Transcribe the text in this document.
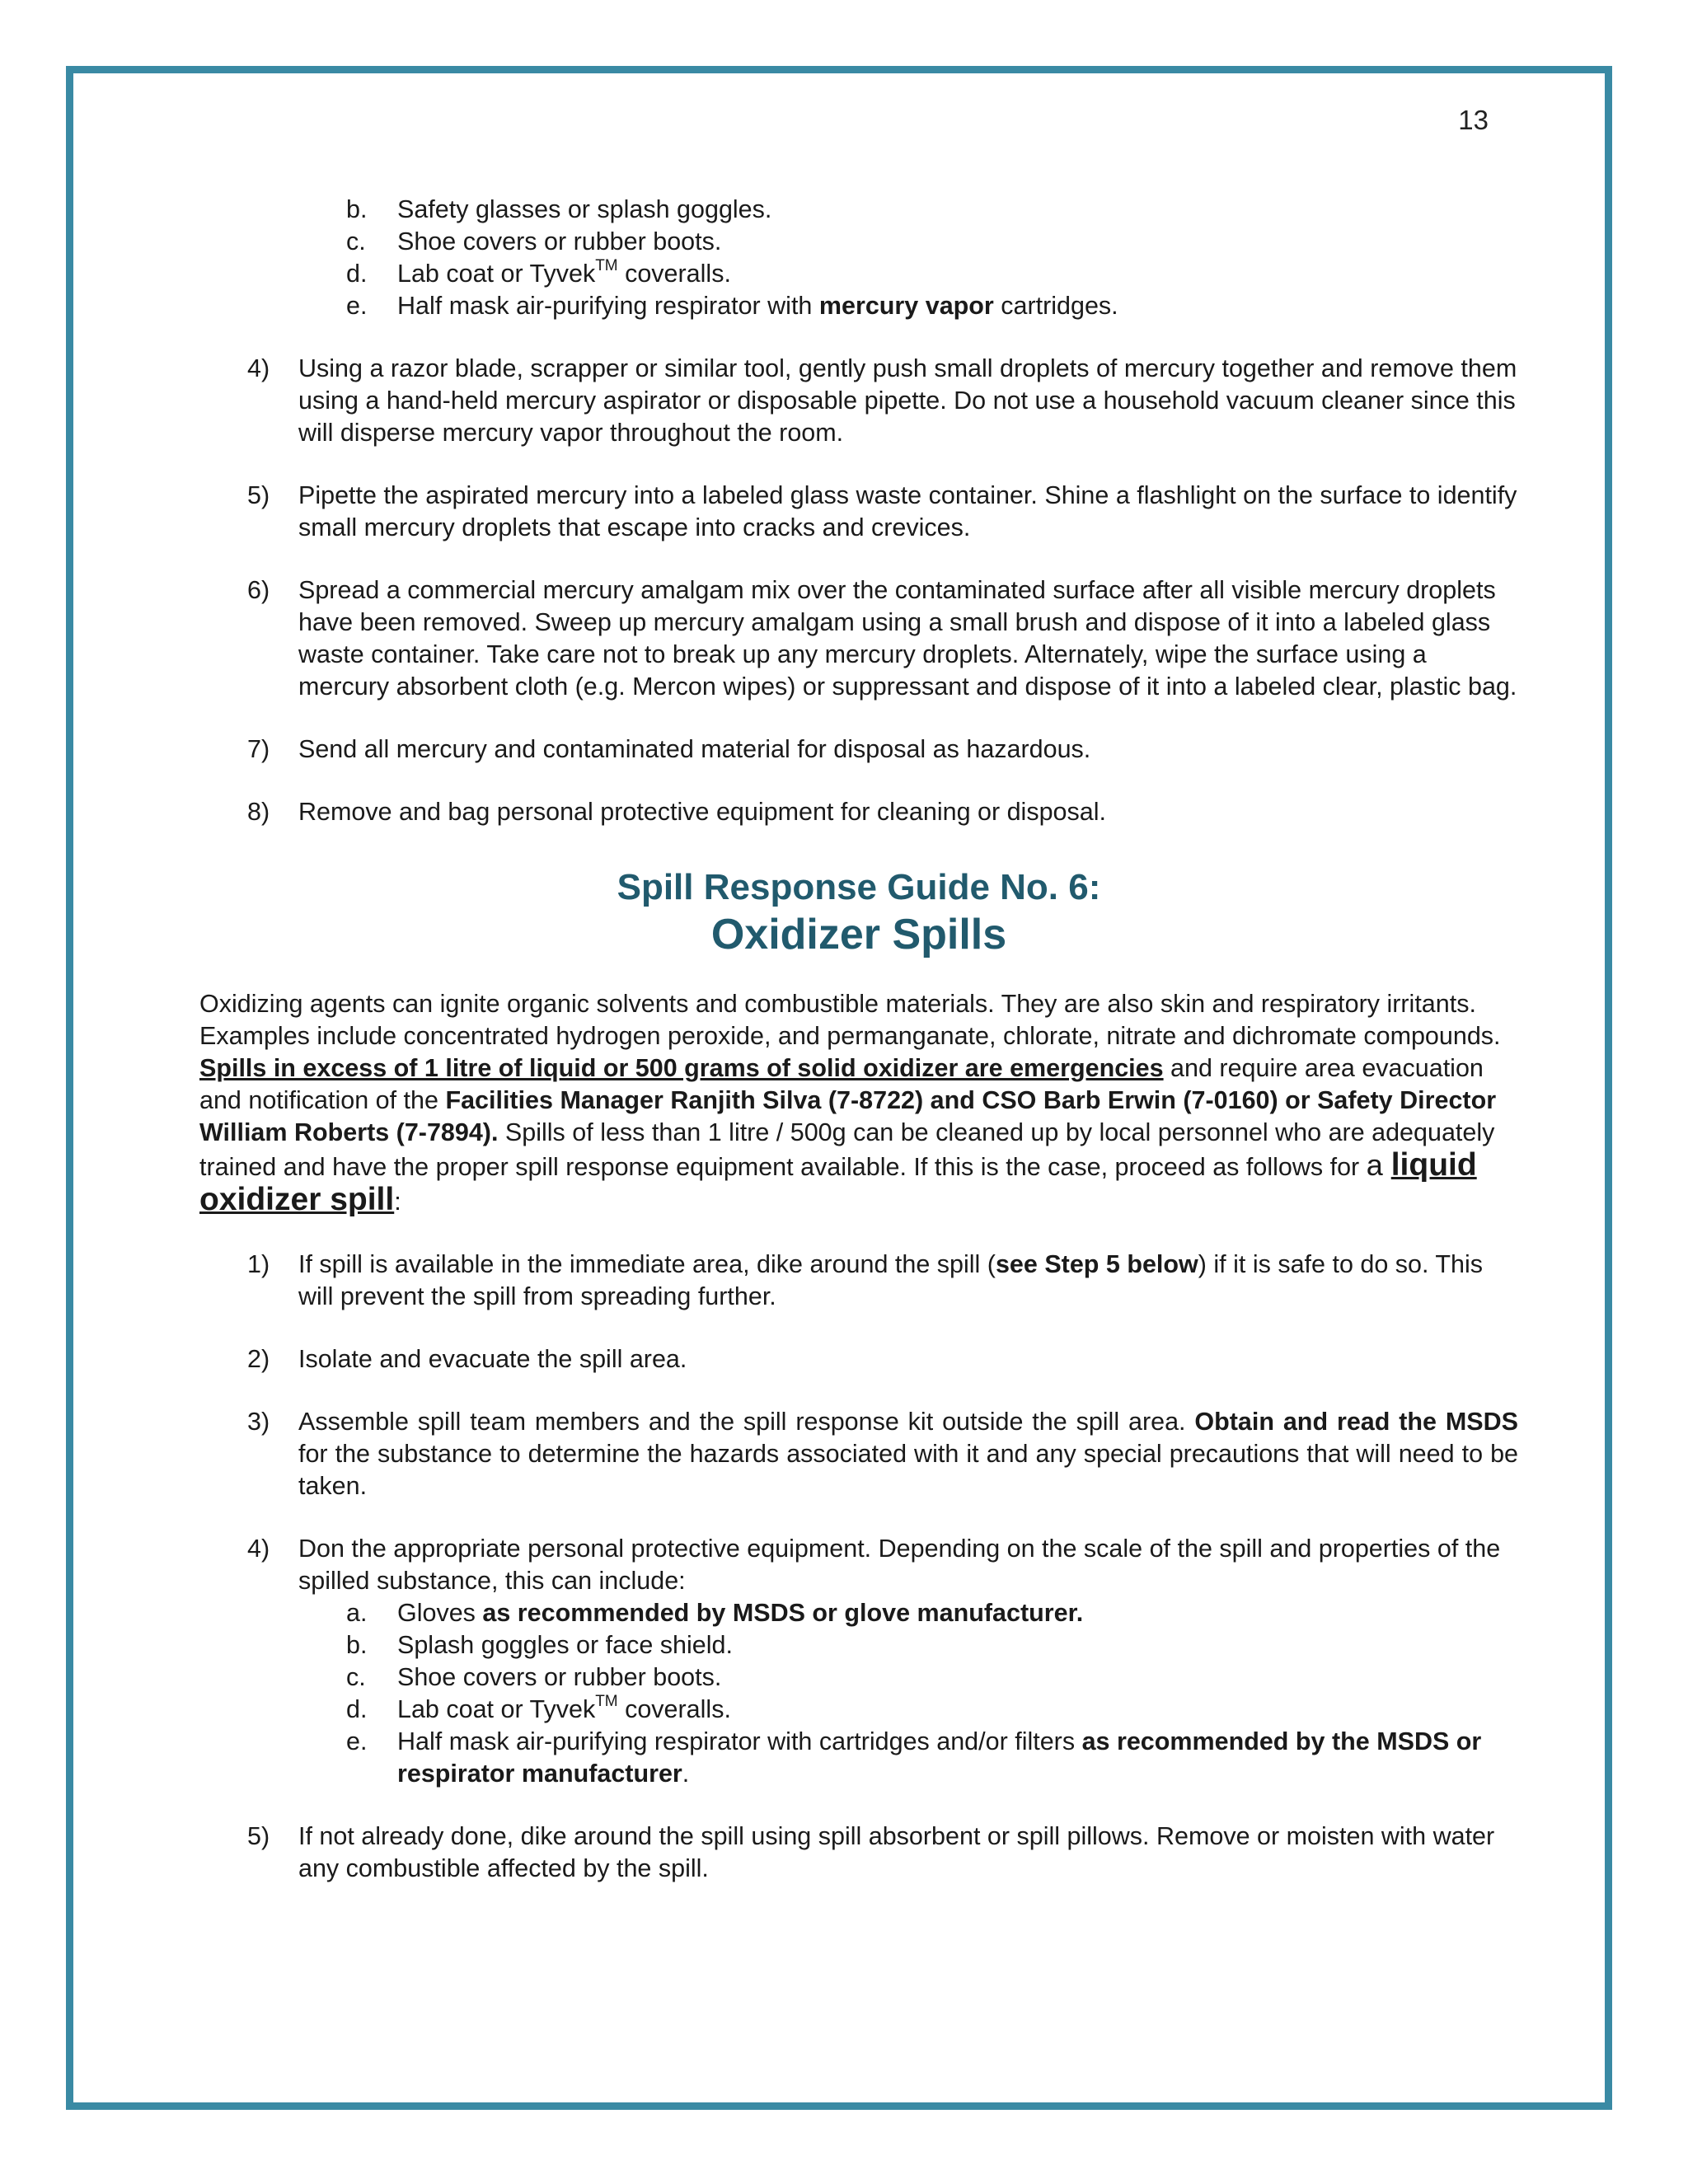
13
b. Safety glasses or splash goggles.
c. Shoe covers or rubber boots.
d. Lab coat or Tyvek™ coveralls.
e. Half mask air-purifying respirator with mercury vapor cartridges.
4) Using a razor blade, scrapper or similar tool, gently push small droplets of mercury together and remove them using a hand-held mercury aspirator or disposable pipette. Do not use a household vacuum cleaner since this will disperse mercury vapor throughout the room.
5) Pipette the aspirated mercury into a labeled glass waste container. Shine a flashlight on the surface to identify small mercury droplets that escape into cracks and crevices.
6) Spread a commercial mercury amalgam mix over the contaminated surface after all visible mercury droplets have been removed. Sweep up mercury amalgam using a small brush and dispose of it into a labeled glass waste container. Take care not to break up any mercury droplets. Alternately, wipe the surface using a mercury absorbent cloth (e.g. Mercon wipes) or suppressant and dispose of it into a labeled clear, plastic bag.
7) Send all mercury and contaminated material for disposal as hazardous.
8) Remove and bag personal protective equipment for cleaning or disposal.
Spill Response Guide No. 6:
Oxidizer Spills
Oxidizing agents can ignite organic solvents and combustible materials. They are also skin and respiratory irritants. Examples include concentrated hydrogen peroxide, and permanganate, chlorate, nitrate and dichromate compounds. Spills in excess of 1 litre of liquid or 500 grams of solid oxidizer are emergencies and require area evacuation and notification of the Facilities Manager Ranjith Silva (7-8722) and CSO Barb Erwin (7-0160) or Safety Director William Roberts (7-7894). Spills of less than 1 litre / 500g can be cleaned up by local personnel who are adequately trained and have the proper spill response equipment available. If this is the case, proceed as follows for a liquid oxidizer spill:
1) If spill is available in the immediate area, dike around the spill (see Step 5 below) if it is safe to do so. This will prevent the spill from spreading further.
2) Isolate and evacuate the spill area.
3) Assemble spill team members and the spill response kit outside the spill area. Obtain and read the MSDS for the substance to determine the hazards associated with it and any special precautions that will need to be taken.
4) Don the appropriate personal protective equipment. Depending on the scale of the spill and properties of the spilled substance, this can include:
a. Gloves as recommended by MSDS or glove manufacturer.
b. Splash goggles or face shield.
c. Shoe covers or rubber boots.
d. Lab coat or Tyvek™ coveralls.
e. Half mask air-purifying respirator with cartridges and/or filters as recommended by the MSDS or respirator manufacturer.
5) If not already done, dike around the spill using spill absorbent or spill pillows. Remove or moisten with water any combustible affected by the spill.
